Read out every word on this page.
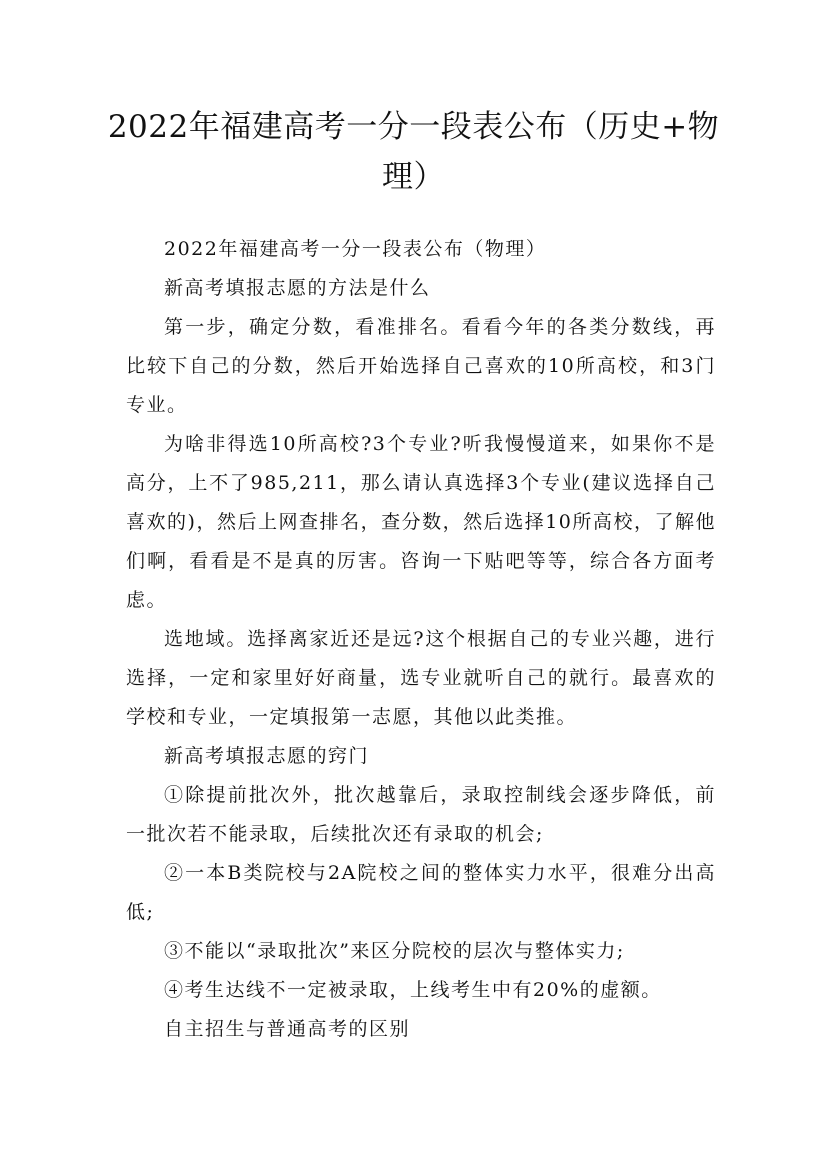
2022年福建高考一分一段表公布（历史+物
理）

2022年福建高考一分一段表公布（物理）

新高考填报志愿的方法是什么

第一步，确定分数，看准排名。看看今年的各类分数线，再比较下自己的分数，然后开始选择自己喜欢的10所高校，和3门专业。

为啥非得选10所高校?3个专业?听我慢慢道来，如果你不是高分，上不了985,211，那么请认真选择3个专业(建议选择自己喜欢的)，然后上网查排名，查分数，然后选择10所高校，了解他们啊，看看是不是真的厉害。咨询一下贴吧等等，综合各方面考虑。

选地域。选择离家近还是远?这个根据自己的专业兴趣，进行选择，一定和家里好好商量，选专业就听自己的就行。最喜欢的学校和专业，一定填报第一志愿，其他以此类推。

新高考填报志愿的窍门

①除提前批次外，批次越靠后，录取控制线会逐步降低，前一批次若不能录取，后续批次还有录取的机会;

②一本B类院校与2A院校之间的整体实力水平，很难分出高低;

③不能以“录取批次”来区分院校的层次与整体实力;

④考生达线不一定被录取，上线考生中有20%的虚额。

自主招生与普通高考的区别
